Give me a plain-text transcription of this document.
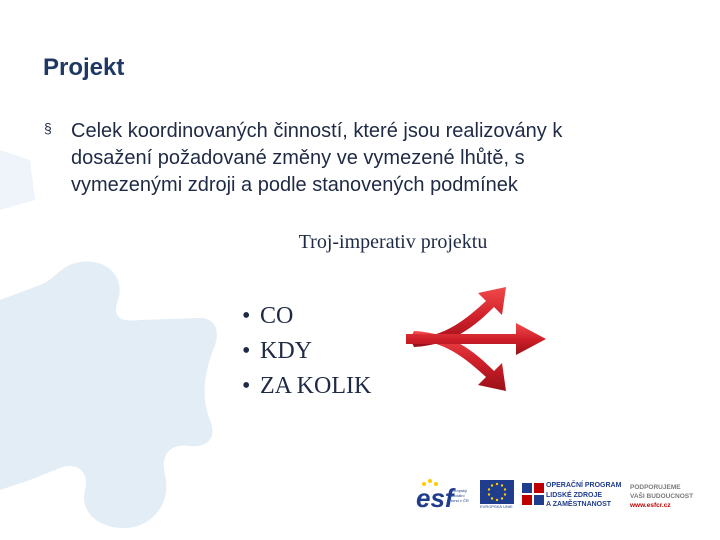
Projekt
§ Celek koordinovaných činností, které jsou realizovány k dosažení požadované změny ve vymezené lhůtě, s vymezenými zdroji a podle stanovených podmínek
Troj-imperativ projektu
• CO
• KDY
• ZA KOLIK
esf
evropský
sociální
fond v ČR
EVROPSKÁ UNIE
OPERAČNÍ PROGRAM
LIDSKÉ ZDROJE
A ZAMĚSTNANOST
PODPORUJEME
VAŠI BUDOUCNOST
www.esfcr.cz
